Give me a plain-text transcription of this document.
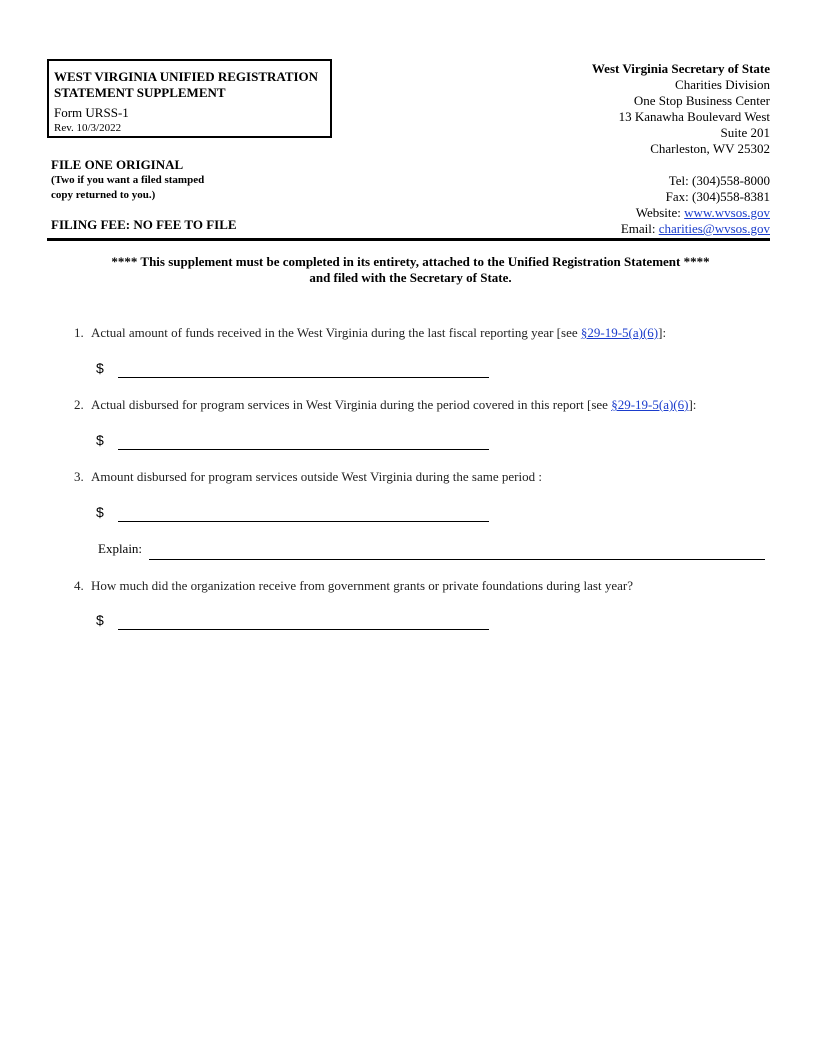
WEST VIRGINIA UNIFIED REGISTRATION
STATEMENT SUPPLEMENT
Form URSS-1
Rev. 10/3/2022
FILE ONE ORIGINAL
(Two if you want a filed stamped
copy returned to you.)
FILING FEE: NO FEE TO FILE
West Virginia Secretary of State
Charities Division
One Stop Business Center
13 Kanawha Boulevard West
Suite 201
Charleston, WV 25302
Tel: (304)558-8000
Fax: (304)558-8381
Website: www.wvsos.gov
Email: charities@wvsos.gov
**** This supplement must be completed in its entirety, attached to the Unified Registration Statement ****
and filed with the Secretary of State.
1. Actual amount of funds received in the West Virginia during the last fiscal reporting year [see §29-19-5(a)(6)]:
$
2. Actual disbursed for program services in West Virginia during the period covered in this report [see §29-19-5(a)(6)]:
$
3. Amount disbursed for program services outside West Virginia during the same period :
$
Explain:
4. How much did the organization receive from government grants or private foundations during last year?
$
